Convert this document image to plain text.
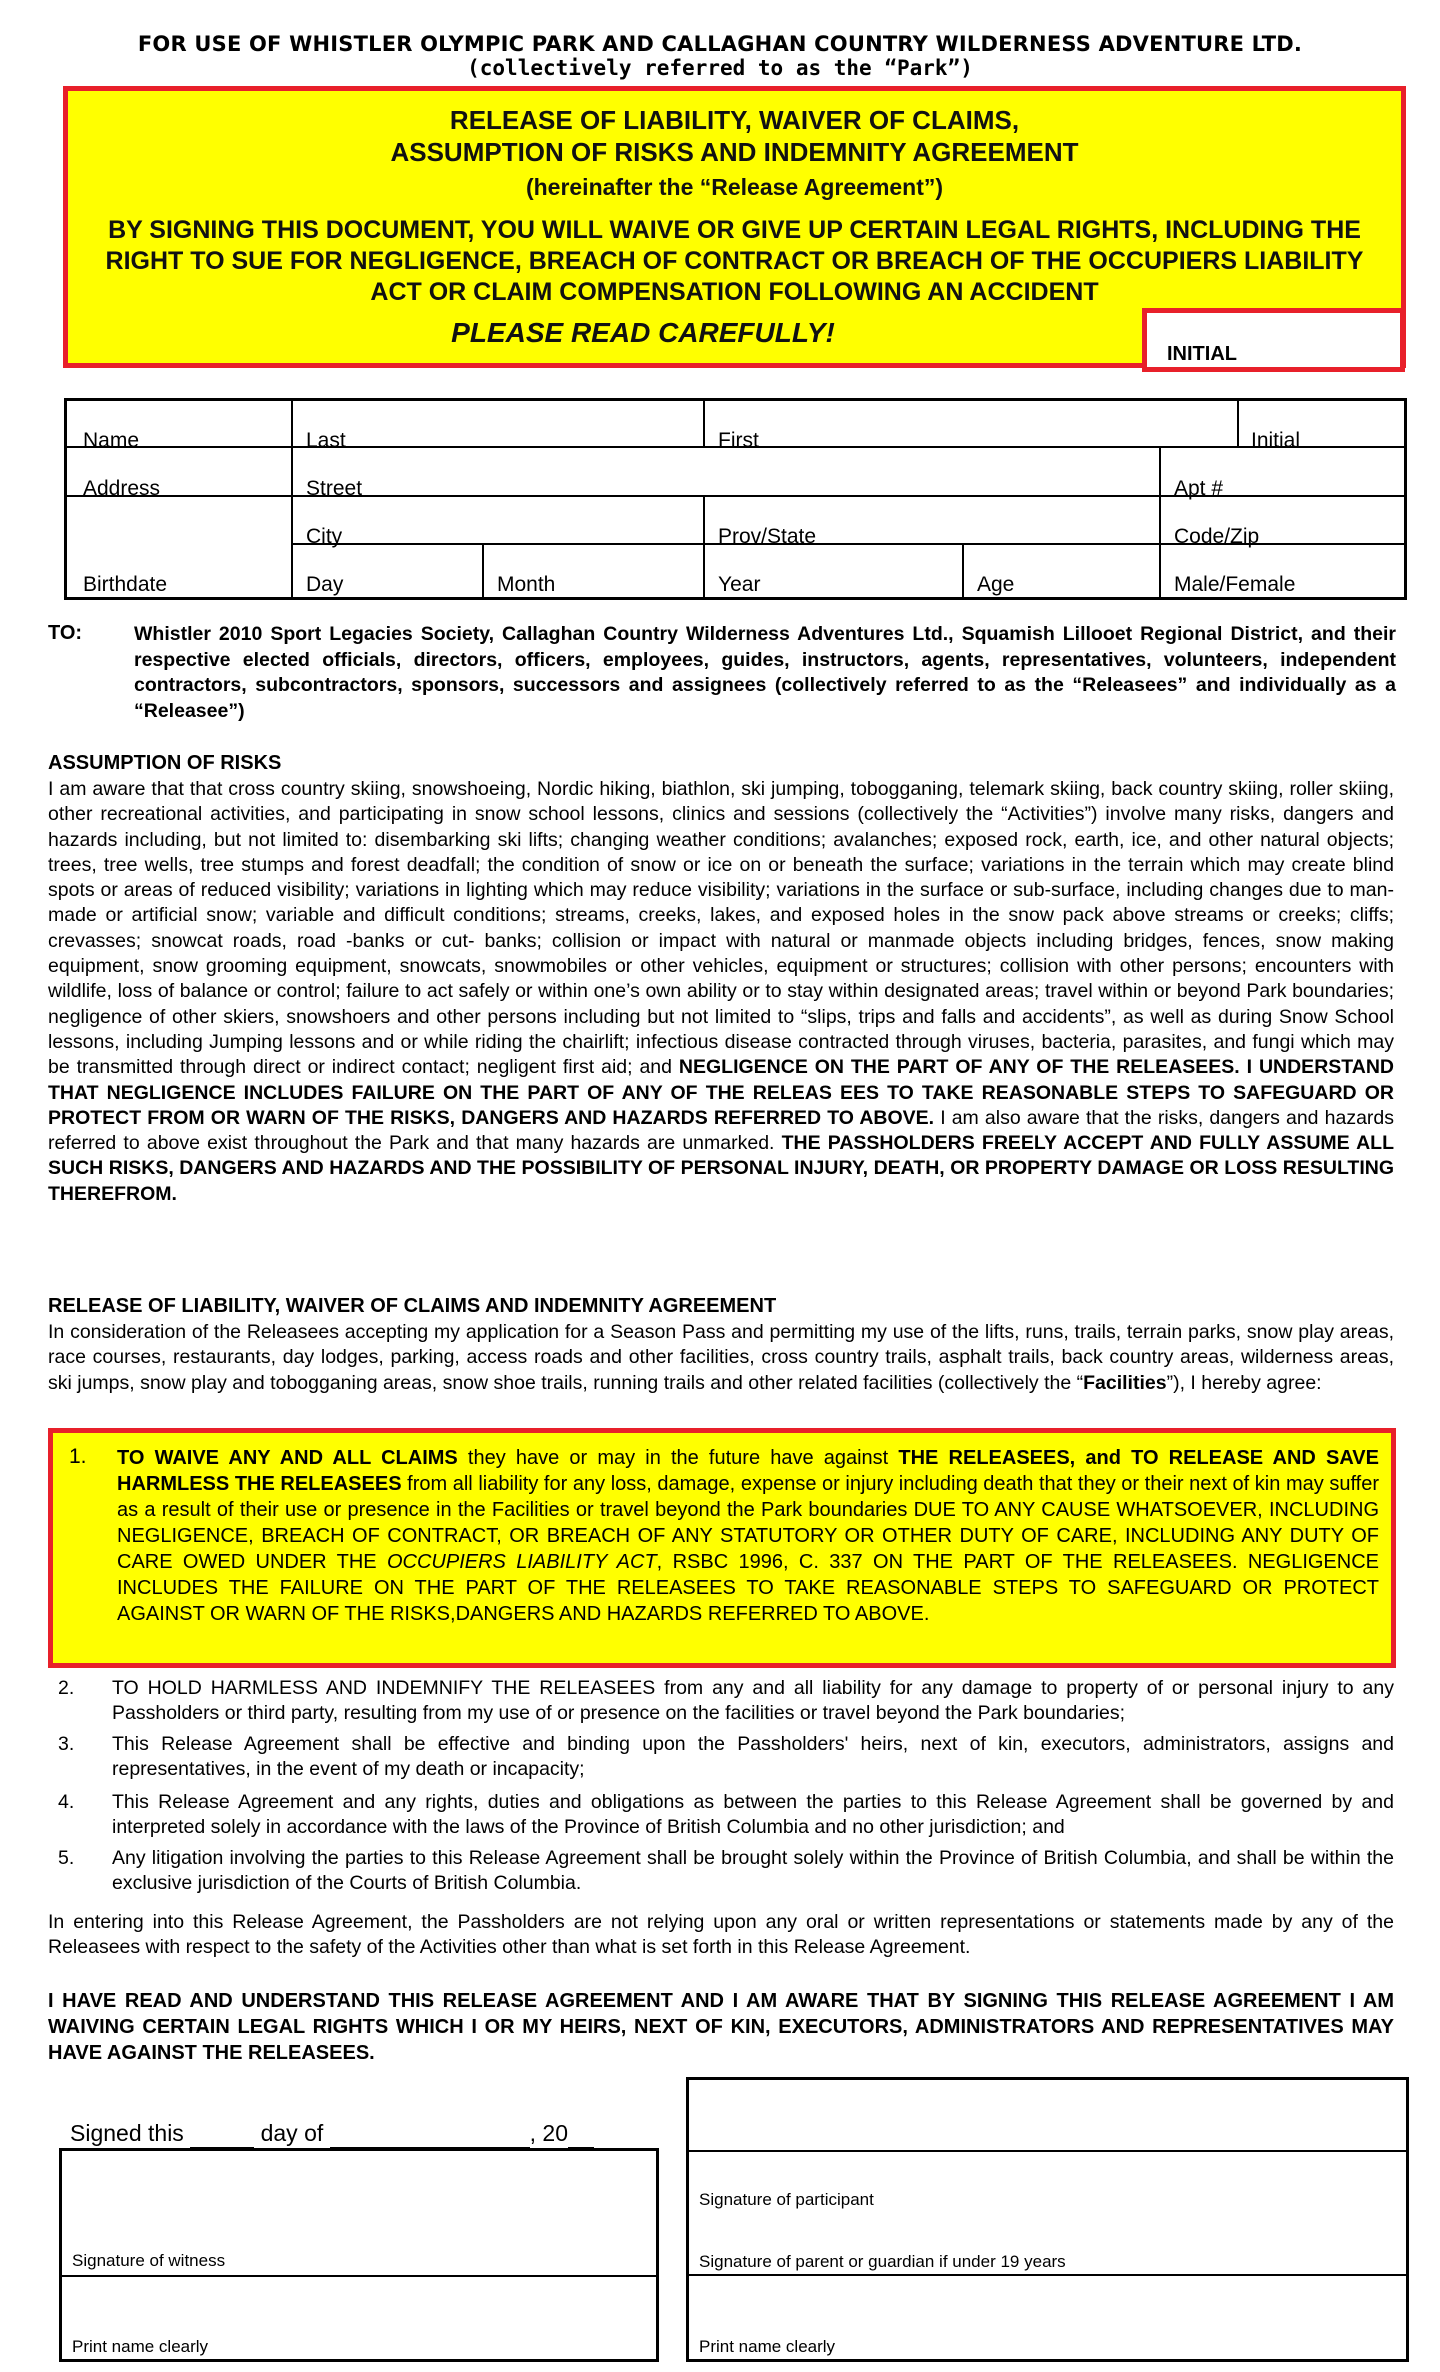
FOR USE OF WHISTLER OLYMPIC PARK AND CALLAGHAN COUNTRY WILDERNESS ADVENTURE LTD.
(collectively referred to as the “Park”)
RELEASE OF LIABILITY, WAIVER OF CLAIMS,
ASSUMPTION OF RISKS AND INDEMNITY AGREEMENT
(hereinafter the “Release Agreement”)
BY SIGNING THIS DOCUMENT, YOU WILL WAIVE OR GIVE UP CERTAIN LEGAL RIGHTS, INCLUDING THE RIGHT TO SUE FOR NEGLIGENCE, BREACH OF CONTRACT OR BREACH OF THE OCCUPIERS LIABILITY ACT OR CLAIM COMPENSATION FOLLOWING AN ACCIDENT
PLEASE READ CAREFULLY!
INITIAL
Name	Last	First	Initial
Address	Street	Apt #
City	Prov/State	Code/Zip
Birthdate	Day	Month	Year	Age	Male/Female
TO:	Whistler 2010 Sport Legacies Society, Callaghan Country Wilderness Adventures Ltd., Squamish Lillooet Regional District, and their respective elected officials, directors, officers, employees, guides, instructors, agents, representatives, volunteers, independent contractors, subcontractors, sponsors, successors and assignees (collectively referred to as the “Releasees” and individually as a “Releasee”)
ASSUMPTION OF RISKS
I am aware that that cross country skiing, snowshoeing, Nordic hiking, biathlon, ski jumping, tobogganing, telemark skiing, back country skiing, roller skiing, other recreational activities, and participating in snow school lessons, clinics and sessions (collectively the “Activities”) involve many risks, dangers and hazards including, but not limited to: disembarking ski lifts; changing weather conditions; avalanches; exposed rock, earth, ice, and other natural objects; trees, tree wells, tree stumps and forest deadfall; the condition of snow or ice on or beneath the surface; variations in the terrain which may create blind spots or areas of reduced visibility; variations in lighting which may reduce visibility; variations in the surface or sub-surface, including changes due to man-made or artificial snow; variable and difficult conditions; streams, creeks, lakes, and exposed holes in the snow pack above streams or creeks; cliffs; crevasses; snowcat roads, road -banks or cut- banks; collision or impact with natural or manmade objects including bridges, fences, snow making equipment, snow grooming equipment, snowcats, snowmobiles or other vehicles, equipment or structures; collision with other persons; encounters with wildlife, loss of balance or control; failure to act safely or within one’s own ability or to stay within designated areas; travel within or beyond Park boundaries; negligence of other skiers, snowshoers and other persons including but not limited to “slips, trips and falls and accidents”, as well as during Snow School lessons, including Jumping lessons and or while riding the chairlift; infectious disease contracted through viruses, bacteria, parasites, and fungi which may be transmitted through direct or indirect contact; negligent first aid; and NEGLIGENCE ON THE PART OF ANY OF THE RELEASEES. I UNDERSTAND THAT NEGLIGENCE INCLUDES FAILURE ON THE PART OF ANY OF THE RELEAS EES TO TAKE REASONABLE STEPS TO SAFEGUARD OR PROTECT FROM OR WARN OF THE RISKS, DANGERS AND HAZARDS REFERRED TO ABOVE. I am also aware that the risks, dangers and hazards referred to above exist throughout the Park and that many hazards are unmarked. THE PASSHOLDERS FREELY ACCEPT AND FULLY ASSUME ALL SUCH RISKS, DANGERS AND HAZARDS AND THE POSSIBILITY OF PERSONAL INJURY, DEATH, OR PROPERTY DAMAGE OR LOSS RESULTING THEREFROM.
RELEASE OF LIABILITY, WAIVER OF CLAIMS AND INDEMNITY AGREEMENT
In consideration of the Releasees accepting my application for a Season Pass and permitting my use of the lifts, runs, trails, terrain parks, snow play areas, race courses, restaurants, day lodges, parking, access roads and other facilities, cross country trails, asphalt trails, back country areas, wilderness areas, ski jumps, snow play and tobogganing areas, snow shoe trails, running trails and other related facilities (collectively the “Facilities”), I hereby agree:
1. TO WAIVE ANY AND ALL CLAIMS they have or may in the future have against THE RELEASEES, and TO RELEASE AND SAVE HARMLESS THE RELEASEES from all liability for any loss, damage, expense or injury including death that they or their next of kin may suffer as a result of their use or presence in the Facilities or travel beyond the Park boundaries DUE TO ANY CAUSE WHATSOEVER, INCLUDING NEGLIGENCE, BREACH OF CONTRACT, OR BREACH OF ANY STATUTORY OR OTHER DUTY OF CARE, INCLUDING ANY DUTY OF CARE OWED UNDER THE OCCUPIERS LIABILITY ACT, RSBC 1996, C. 337 ON THE PART OF THE RELEASEES. NEGLIGENCE INCLUDES THE FAILURE ON THE PART OF THE RELEASEES TO TAKE REASONABLE STEPS TO SAFEGUARD OR PROTECT AGAINST OR WARN OF THE RISKS,DANGERS AND HAZARDS REFERRED TO ABOVE.
2. TO HOLD HARMLESS AND INDEMNIFY THE RELEASEES from any and all liability for any damage to property of or personal injury to any Passholders or third party, resulting from my use of or presence on the facilities or travel beyond the Park boundaries;
3. This Release Agreement shall be effective and binding upon the Passholders' heirs, next of kin, executors, administrators, assigns and representatives, in the event of my death or incapacity;
4. This Release Agreement and any rights, duties and obligations as between the parties to this Release Agreement shall be governed by and interpreted solely in accordance with the laws of the Province of British Columbia and no other jurisdiction; and
5. Any litigation involving the parties to this Release Agreement shall be brought solely within the Province of British Columbia, and shall be within the exclusive jurisdiction of the Courts of British Columbia.
In entering into this Release Agreement, the Passholders are not relying upon any oral or written representations or statements made by any of the Releasees with respect to the safety of the Activities other than what is set forth in this Release Agreement.
I HAVE READ AND UNDERSTAND THIS RELEASE AGREEMENT AND I AM AWARE THAT BY SIGNING THIS RELEASE AGREEMENT I AM WAIVING CERTAIN LEGAL RIGHTS WHICH I OR MY HEIRS, NEXT OF KIN, EXECUTORS, ADMINISTRATORS AND REPRESENTATIVES MAY HAVE AGAINST THE RELEASEES.
Signed this	day of	, 20
Signature of witness
Print name clearly
Signature of participant
Signature of parent or guardian if under 19 years
Print name clearly
